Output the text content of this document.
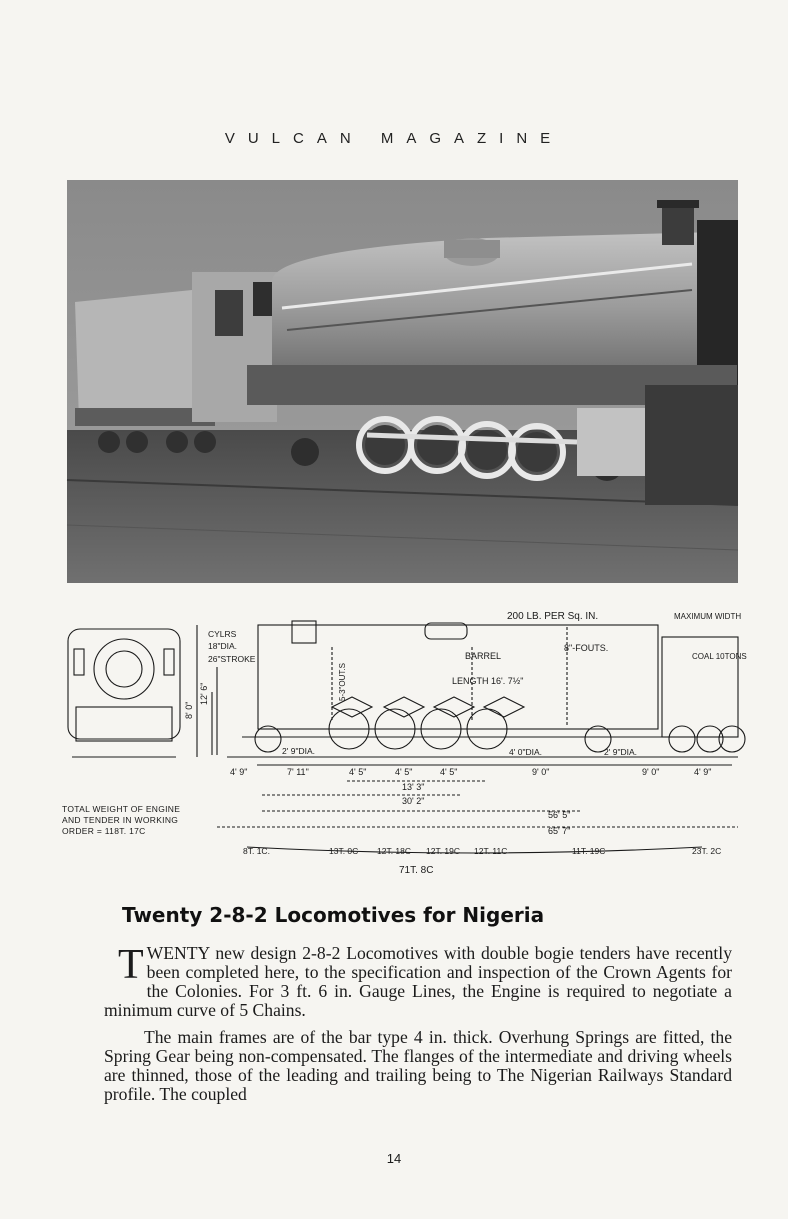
VULCAN MAGAZINE
200 LB. PER Sq. IN.	MAXIMUM WIDTH
CYLRS
18"DIA.
26"STROKE	BARREL
LENGTH 16'. 7½"
8"-FOUTS.
COAL 10TONS
8' 0"
12' 6"	5-3"OUT.S
2' 9"DIA.	4' 0"DIA.	2' 9"DIA.
4' 9"	7' 11"	4' 5"	4' 5"	4' 5"	9' 0"	9' 0"	4' 9"
13' 3"
30' 2"
56' 5"
65' 7"
8T. 1C.	13T. 0C 12T. 18C 12T. 19C 12T. 11C	11T. 19C	23T. 2C
71T. 8C
TOTAL WEIGHT OF ENGINE
AND TENDER IN WORKING
ORDER = 118T. 17C
Twenty 2-8-2 Locomotives for Nigeria
T WENTY new design 2-8-2 Locomotives with double bogie tenders have recently been completed here, to the specification and inspection of the Crown Agents for the Colonies. For 3 ft. 6 in. Gauge Lines, the Engine is required to negotiate a minimum curve of 5 Chains.

The main frames are of the bar type 4 in. thick. Overhung Springs are fitted, the Spring Gear being non-compensated. The flanges of the intermediate and driving wheels are thinned, those of the leading and trailing being to The Nigerian Railways Standard profile. The coupled

14
